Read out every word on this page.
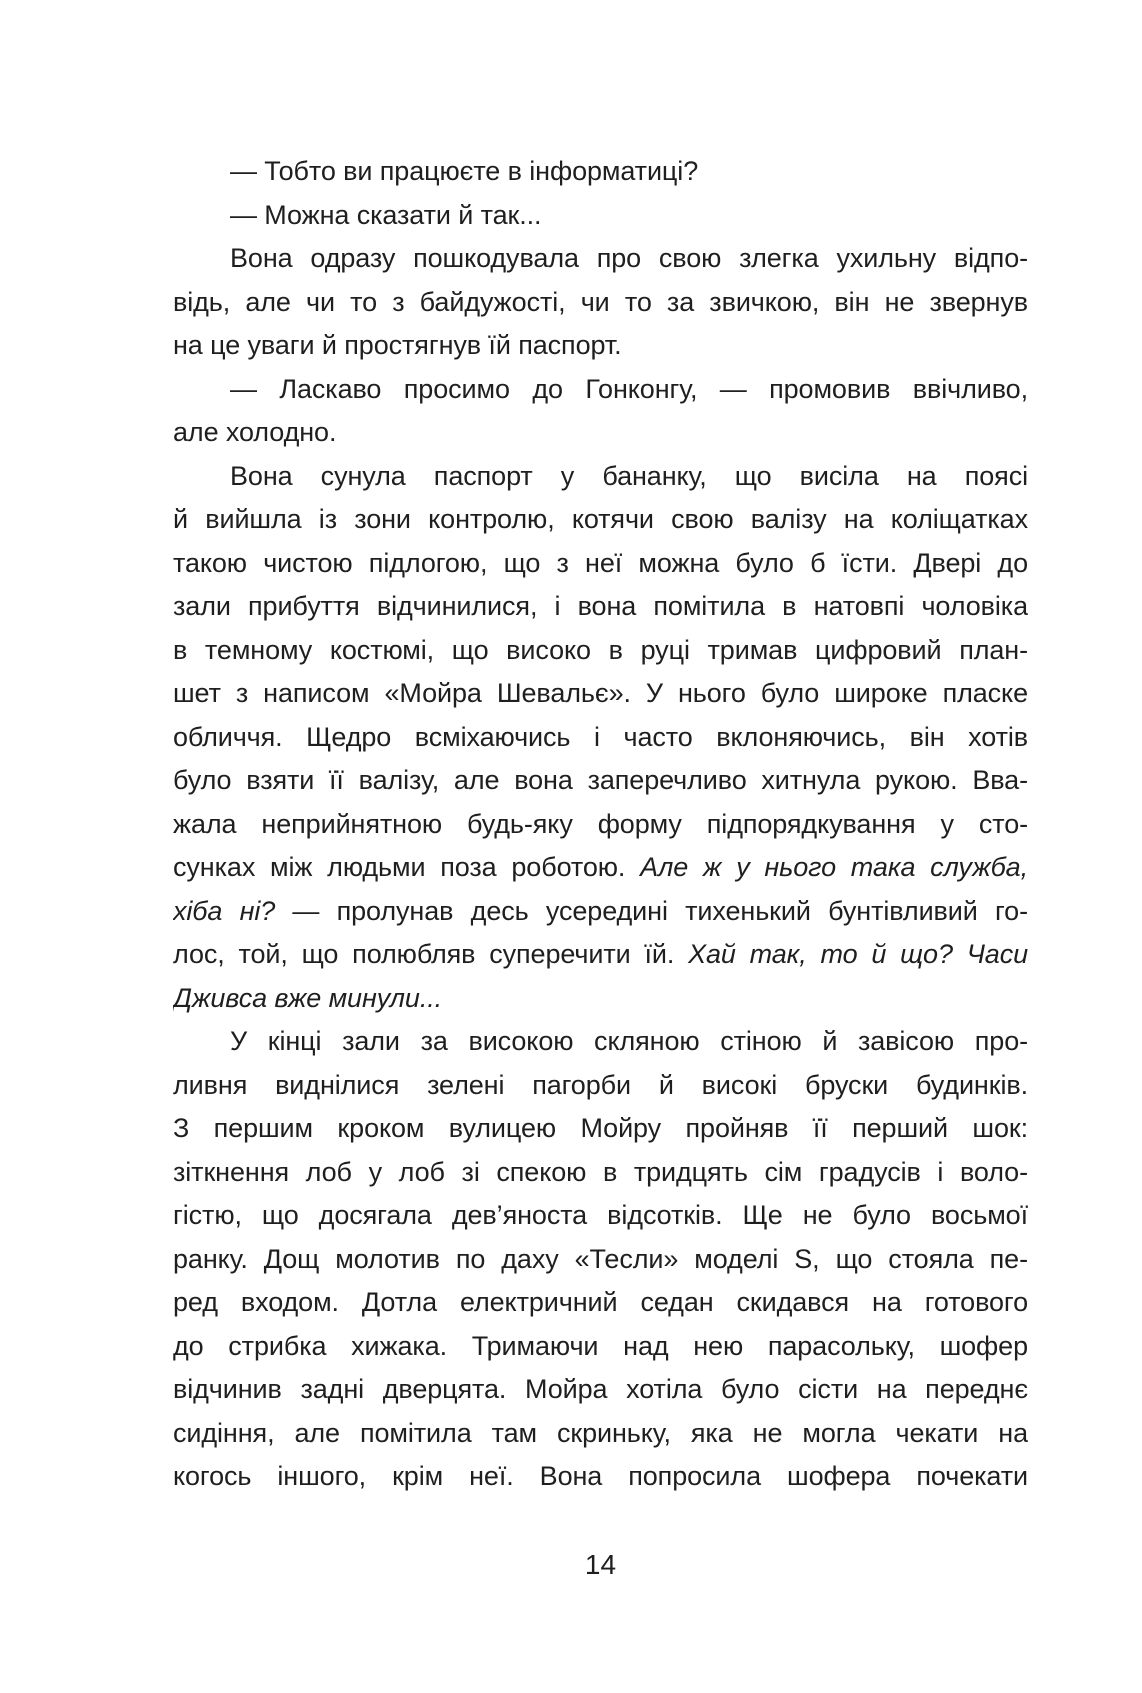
— Тобто ви працюєте в інформатиці?
— Можна сказати й так...
Вона одразу пошкодувала про свою злегка ухильну відпо-
відь, але чи то з байдужості, чи то за звичкою, він не звернув
на це уваги й простягнув їй паспорт.
— Ласкаво просимо до Гонконгу, — промовив ввічливо,
але холодно.
Вона сунула паспорт у бананку, що висіла на поясі
й вийшла із зони контролю, котячи свою валізу на коліщатках
такою чистою підлогою, що з неї можна було б їсти. Двері до
зали прибуття відчинилися, і вона помітила в натовпі чоловіка
в темному костюмі, що високо в руці тримав цифровий план-
шет з написом «Мойра Шевальє». У нього було широке пласке
обличчя. Щедро всміхаючись і часто вклоняючись, він хотів
було взяти її валізу, але вона заперечливо хитнула рукою. Вва-
жала неприйнятною будь-яку форму підпорядкування у сто-
сунках між людьми поза роботою. Але ж у нього така служба,
хіба ні? — пролунав десь усередині тихенький бунтівливий го-
лос, той, що полюбляв суперечити їй. Хай так, то й що? Часи
Дживса вже минули...
У кінці зали за високою скляною стіною й завісою про-
ливня виднілися зелені пагорби й високі бруски будинків.
З першим кроком вулицею Мойру пройняв її перший шок:
зіткнення лоб у лоб зі спекою в тридцять сім градусів і воло-
гістю, що досягала дев’яноста відсотків. Ще не було восьмої
ранку. Дощ молотив по даху «Тесли» моделі S, що стояла пе-
ред входом. Дотла електричний седан скидався на готового
до стрибка хижака. Тримаючи над нею парасольку, шофер
відчинив задні дверцята. Мойра хотіла було сісти на переднє
сидіння, але помітила там скриньку, яка не могла чекати на
когось іншого, крім неї. Вона попросила шофера почекати
14
